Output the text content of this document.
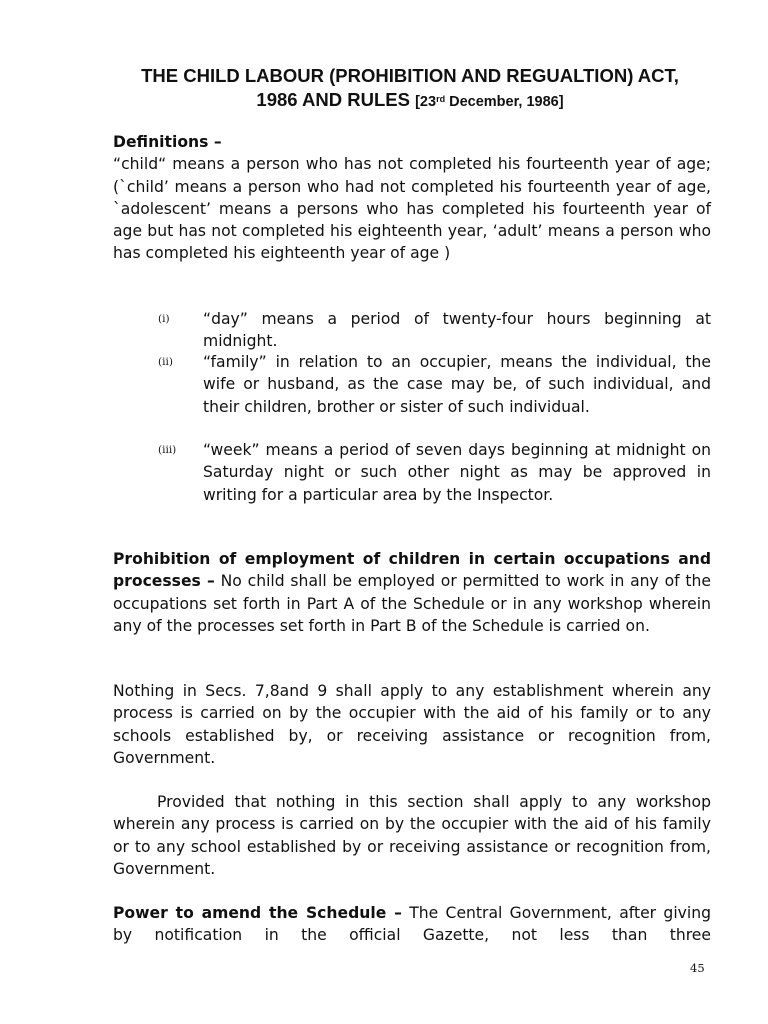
THE CHILD LABOUR (PROHIBITION AND REGUALTION) ACT,
1986 AND RULES [23rd December, 1986]
Definitions –
“child“ means a person who has not completed his fourteenth year of age; (`child’ means a person who had not completed his fourteenth year of age, `adolescent’ means a persons who has completed his fourteenth year of age but has not completed his eighteenth year, ‘adult’ means a person who has completed his eighteenth year of age )
(i) “day” means a period of twenty-four hours beginning at midnight.
(ii) “family” in relation to an occupier, means the individual, the wife or husband, as the case may be, of such individual, and their children, brother or sister of such individual.
(iii) “week” means a period of seven days beginning at midnight on Saturday night or such other night as may be approved in writing for a particular area by the Inspector.
Prohibition of employment of children in certain occupations and processes – No child shall be employed or permitted to work in any of the occupations set forth in Part A of the Schedule or in any workshop wherein any of the processes set forth in Part B of the Schedule is carried on.
Nothing in Secs. 7,8and 9 shall apply to any establishment wherein any process is carried on by the occupier with the aid of his family or to any schools established by, or receiving assistance or recognition from, Government.
Provided that nothing in this section shall apply to any workshop wherein any process is carried on by the occupier with the aid of his family or to any school established by or receiving assistance or recognition from, Government.
Power to amend the Schedule – The Central Government, after giving by notification in the official Gazette, not less than three
45
